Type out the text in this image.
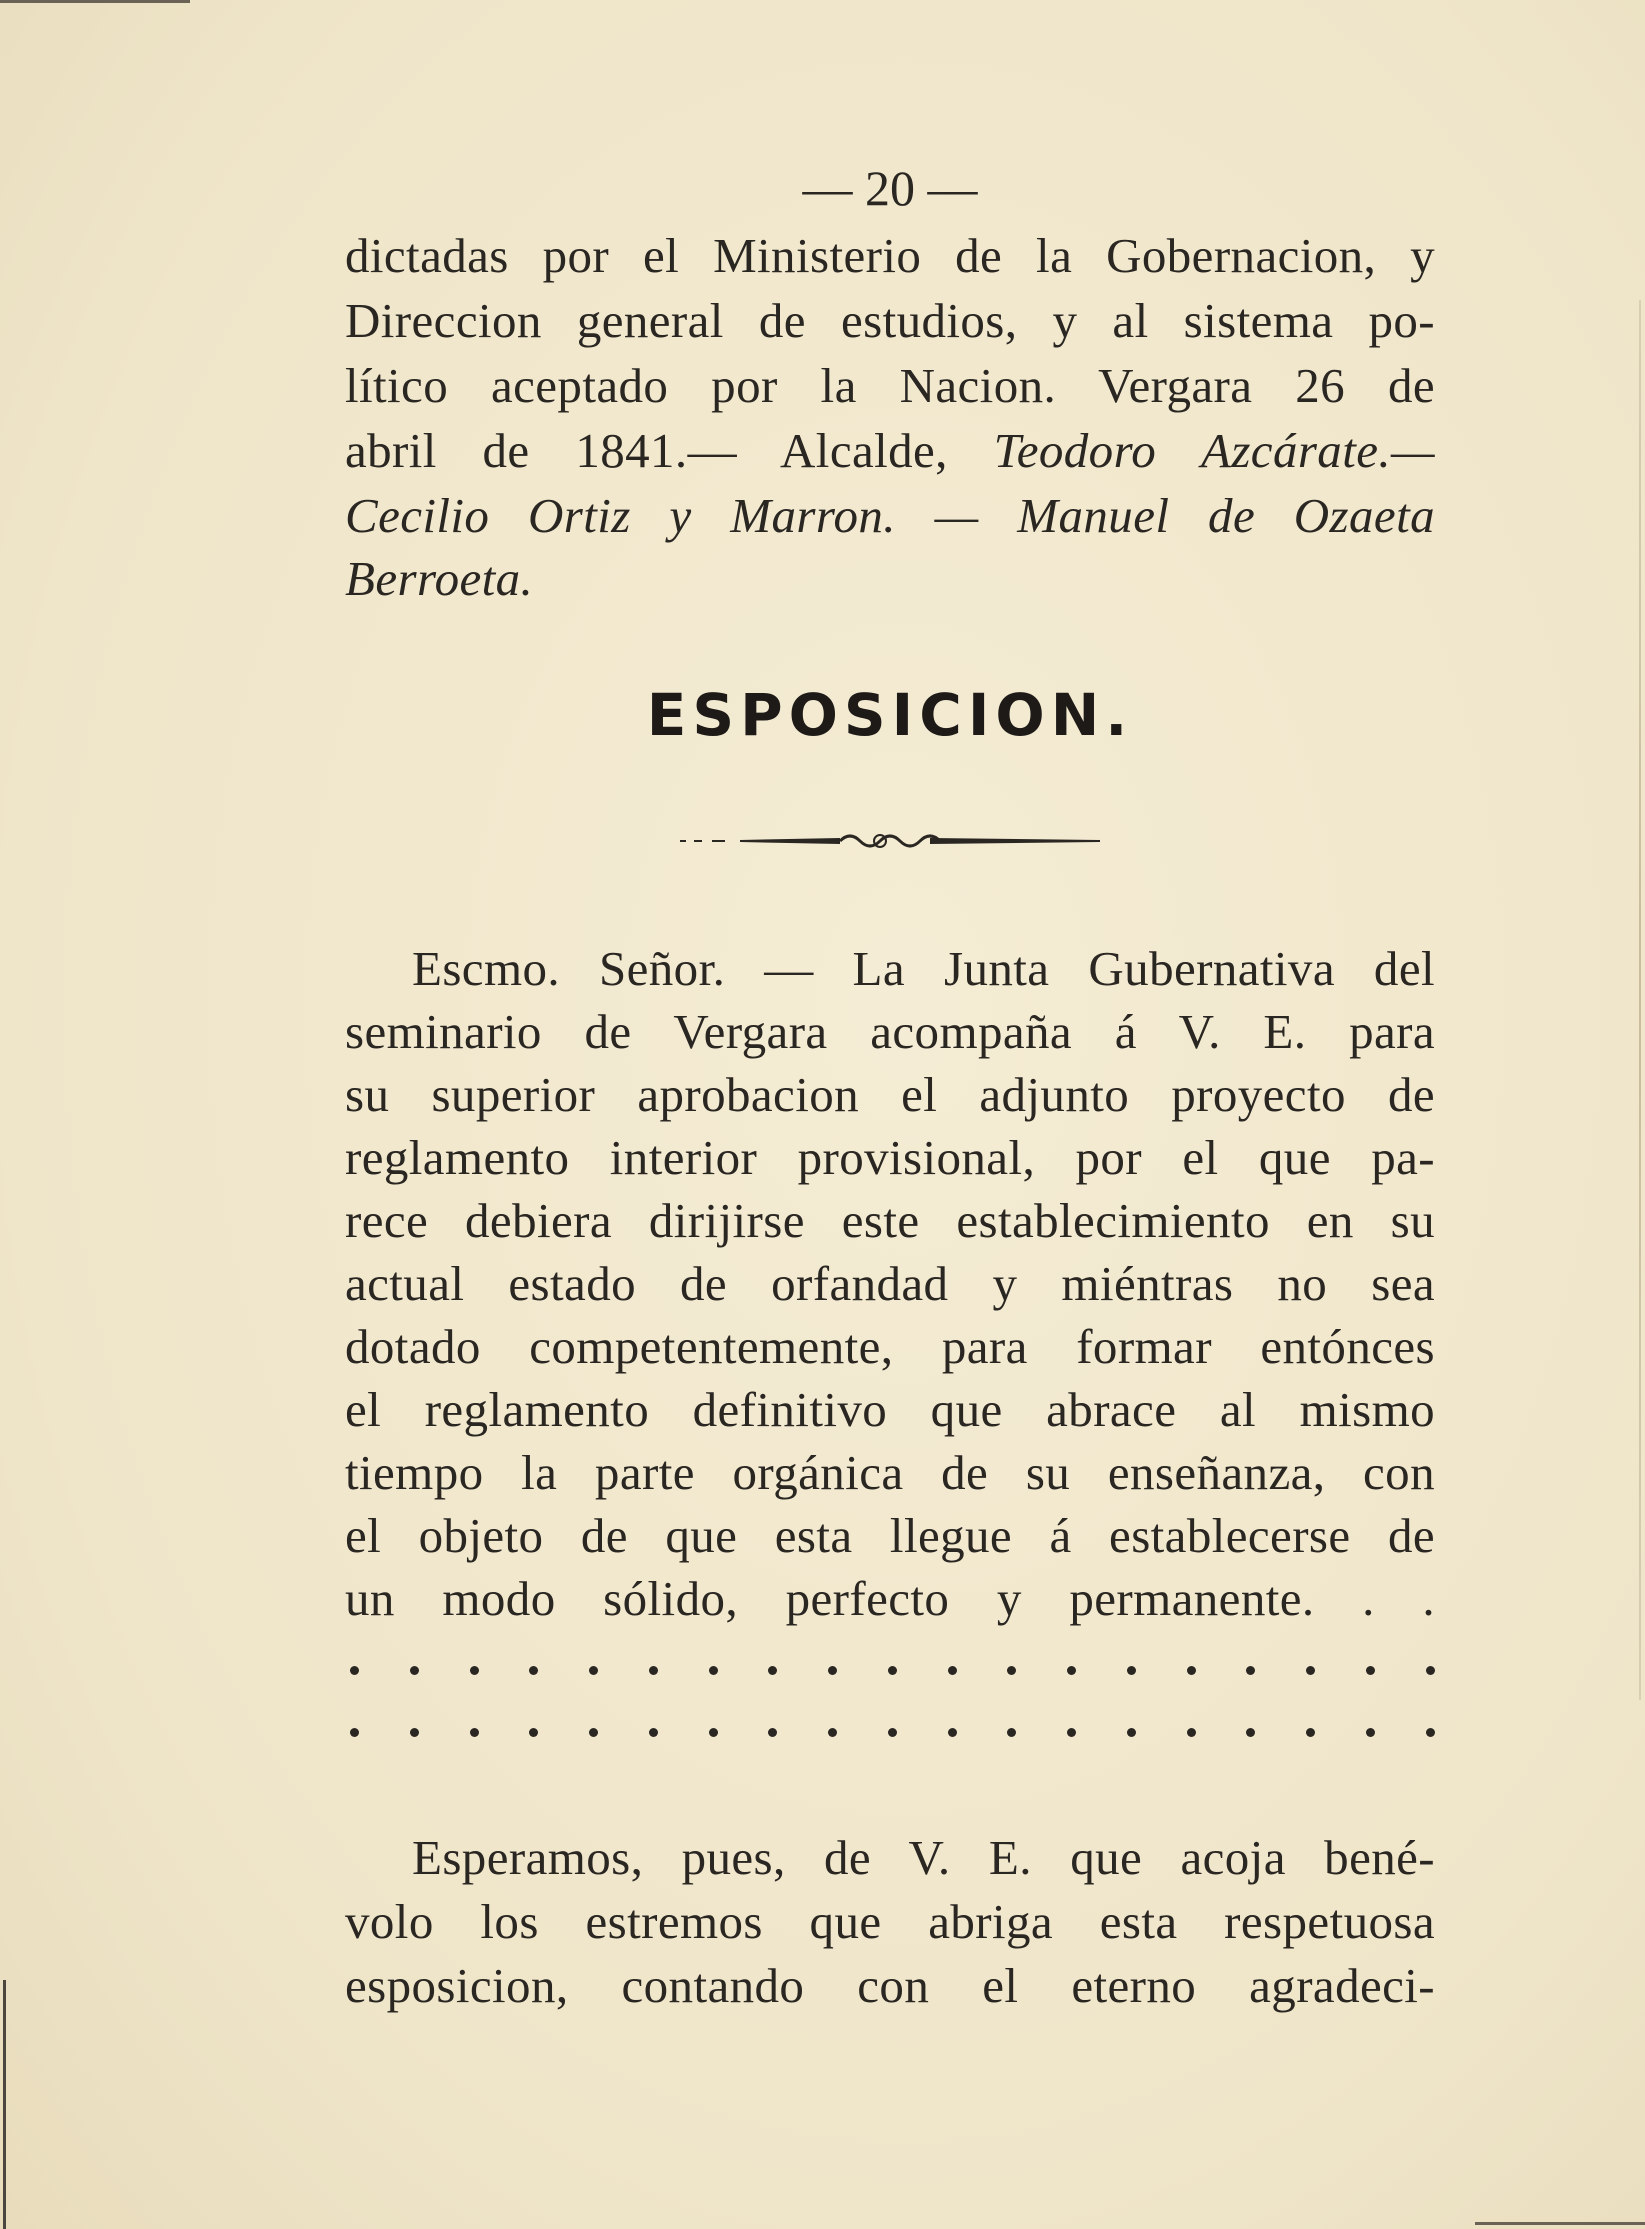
— 20 —
dictadas por el Ministerio de la Gobernacion, y
Direccion general de estudios, y al sistema po-
lítico aceptado por la Nacion. Vergara 26 de
abril de 1841.— Alcalde, Teodoro Azcárate.—
Cecilio Ortiz y Marron. — Manuel de Ozaeta
Berroeta.
ESPOSICION.
Escmo. Señor. — La Junta Gubernativa del
seminario de Vergara acompaña á V. E. para
su superior aprobacion el adjunto proyecto de
reglamento interior provisional, por el que pa-
rece debiera dirijirse este establecimiento en su
actual estado de orfandad y miéntras no sea
dotado competentemente, para formar entónces
el reglamento definitivo que abrace al mismo
tiempo la parte orgánica de su enseñanza, con
el objeto de que esta llegue á establecerse de
un modo sólido, perfecto y permanente. . .
Esperamos, pues, de V. E. que acoja bené-
volo los estremos que abriga esta respetuosa
esposicion, contando con el eterno agradeci-
